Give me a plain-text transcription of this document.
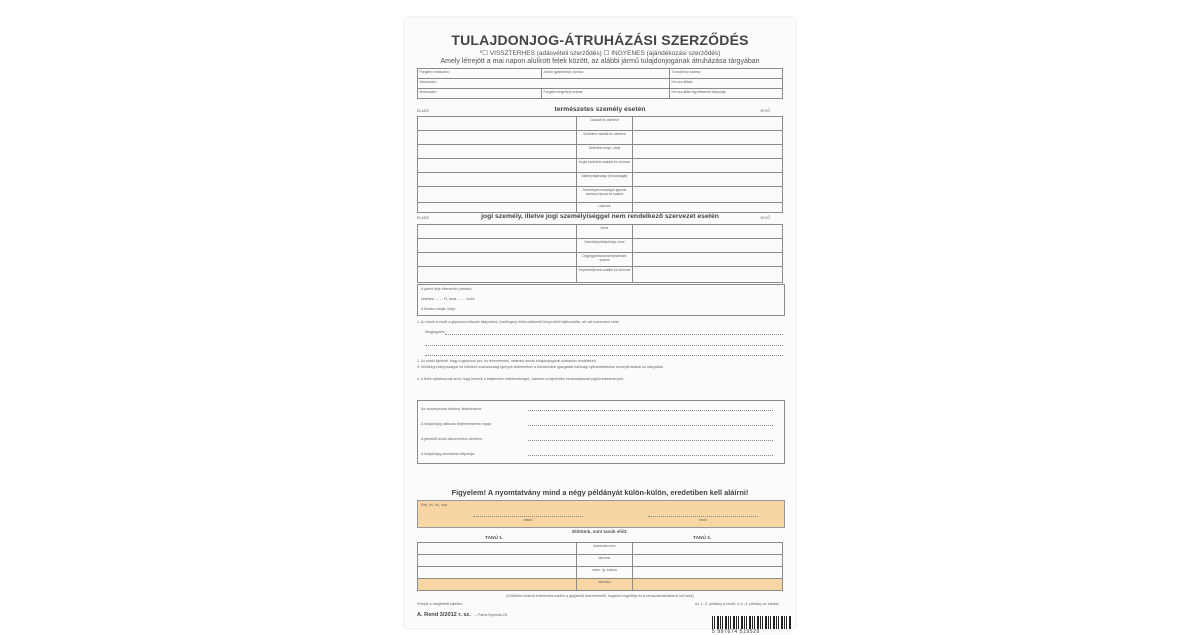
TULAJDONJOG-ÁTRUHÁZÁSI SZERZŐDÉS
*☐ VISSZTERHES (adásvételi szerződés) ☐ INGYENES (ajándékozási szerződés)
Amely létrejött a mai napon alulírott felek között, az alábbi jármű tulajdonjogának átruházása tárgyában
Forgalmi rendszám:	Jármű gyártmánya, típusa:	Törzskönyv száma:
Alvázszám:		Km óra állása:
Motorszám:	Forgalmi engedély száma:	Km óra állás rögzítésének időpontja:
ELADÓ	VEVŐ
természetes személy esetén
	Családi és utóneve	
	Születési családi és utóneve	
	Születési helye, ideje	
	Anyja születési családi és utóneve	
	Állampolgársága (honosságai)	
	Személyazonosságot igazoló okmány típusa és száma	
	Lakcíme	
ELADÓ	VEVŐ
jogi személy, illetve jogi személyiséggel nem rendelkező szervezet esetén
	Neve	
	Székhelye/telephelye címe	
	Cégjegyzékszáma/nyilvántart. száma	
	Képviselőjének családi és utóneve	
A jármű telje ellenérték (vételár):
vételára ........ Ft, azaz ........ forint
A fizetés módja, ideje:
1. Az eladó a vevőt a gépkocsi műszaki állapotáról, (esetleges) értékcsökkentő tényezőiről tájékoztatta, aki azt tudomásul vette.
Megjegyzés:
2. Az eladó kijelenti, hogy a gépkocsi per- és tehermentes, valamint annak tulajdonjogával szabadon rendelkezik.
3. Minőségi hiányosságok és kötelező szavatossági igények tekintetében a közlekedési igazgatási hatósági nyilvántartásban szereplő adatok az irányadók.
4. A felek nyilatkoznak arról, hogy ismerik a bejelentési kötelezettséget, valamint a bejelentés elmaradásának jogkövetkezményeit.
Az okmányiroda dátuma, iktatószáma:
A tulajdonjog változás bejelentésének napja:
A járműről szóló dokumentum átvétele:
A tulajdonjog átruházás időpontja:
Figyelem! A nyomtatvány mind a négy példányát külön-külön, eredetiben kell aláírni!
Kelt, év, hó, nap:
eladó	vevő
Előttünk, mint tanúk előtt:
TANÚ 1.	TANÚ 2.
	olvasható neve	
	lakcíme	
	szem. ig. száma	
	aláírása	
(Külföldön történő értékesítés esetén a gépjármű kivezetéséről, forgalmi engedélyt és a rendszámtáblákat le kell adni)
*Kérjük a megfelelőt kijelölni.	Az 1.–2. példány a vevőé, a 3.–4. példány az eladóé.
A. Rend 3/2012 r. sz. – Pátria Nyomda Zrt.
5 997674 519529
